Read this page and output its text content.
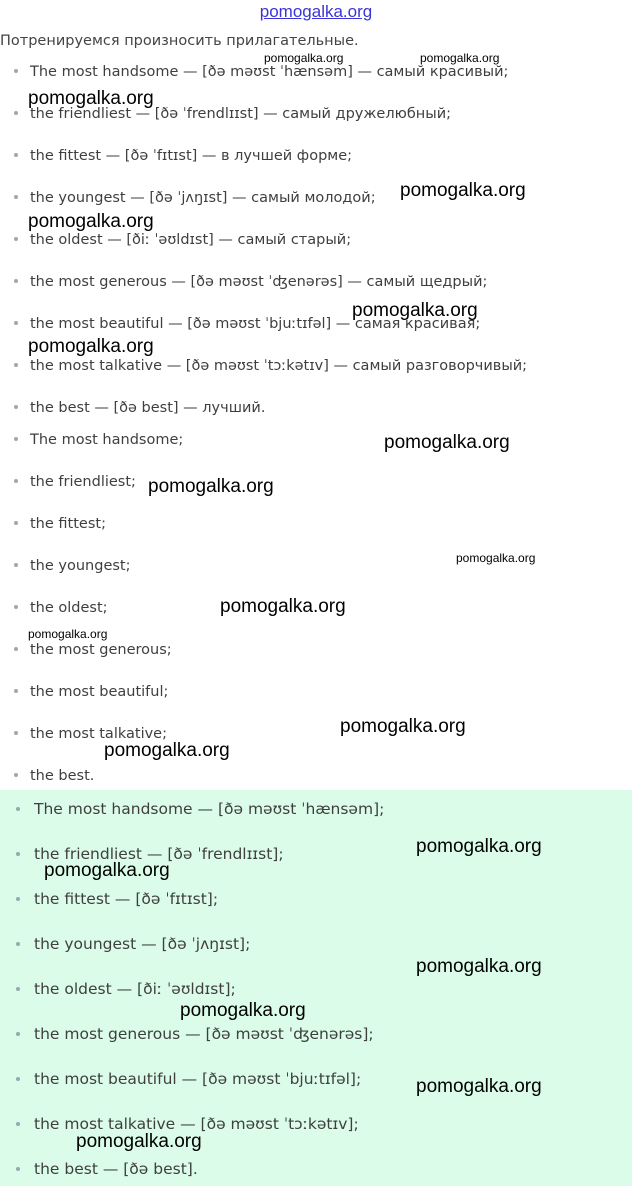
pomogalka.org
Потренируемся произносить прилагательные.
The most handsome — [ðə məʊst ˈhænsəm] — самый красивый;
the friendliest — [ðə ˈfrendlɪɪst] — самый дружелюбный;
the fittest — [ðə ˈfɪtɪst] — в лучшей форме;
the youngest — [ðə ˈjʌŋɪst] — самый молодой;
the oldest — [ðiː ˈəʊldɪst] — самый старый;
the most generous — [ðə məʊst ˈʤenərəs] — самый щедрый;
the most beautiful — [ðə məʊst ˈbjuːtɪfəl] — самая красивая;
the most talkative — [ðə məʊst ˈtɔːkətɪv] — самый разговорчивый;
the best — [ðə best] — лучший.
The most handsome;
the friendliest;
the fittest;
the youngest;
the oldest;
the most generous;
the most beautiful;
the most talkative;
the best.
The most handsome — [ðə məʊst ˈhænsəm];
the friendliest — [ðə ˈfrendlɪɪst];
the fittest — [ðə ˈfɪtɪst];
the youngest — [ðə ˈjʌŋɪst];
the oldest — [ðiː ˈəʊldɪst];
the most generous — [ðə məʊst ˈʤenərəs];
the most beautiful — [ðə məʊst ˈbjuːtɪfəl];
the most talkative — [ðə məʊst ˈtɔːkətɪv];
the best — [ðə best].
pomogalka.org	pomogalka.org
pomogalka.org
pomogalka.org
pomogalka.org
pomogalka.org
pomogalka.org
pomogalka.org
pomogalka.org
pomogalka.org
pomogalka.org
pomogalka.org
pomogalka.org
pomogalka.org
pomogalka.org
pomogalka.org
pomogalka.org
pomogalka.org
pomogalka.org
pomogalka.org
